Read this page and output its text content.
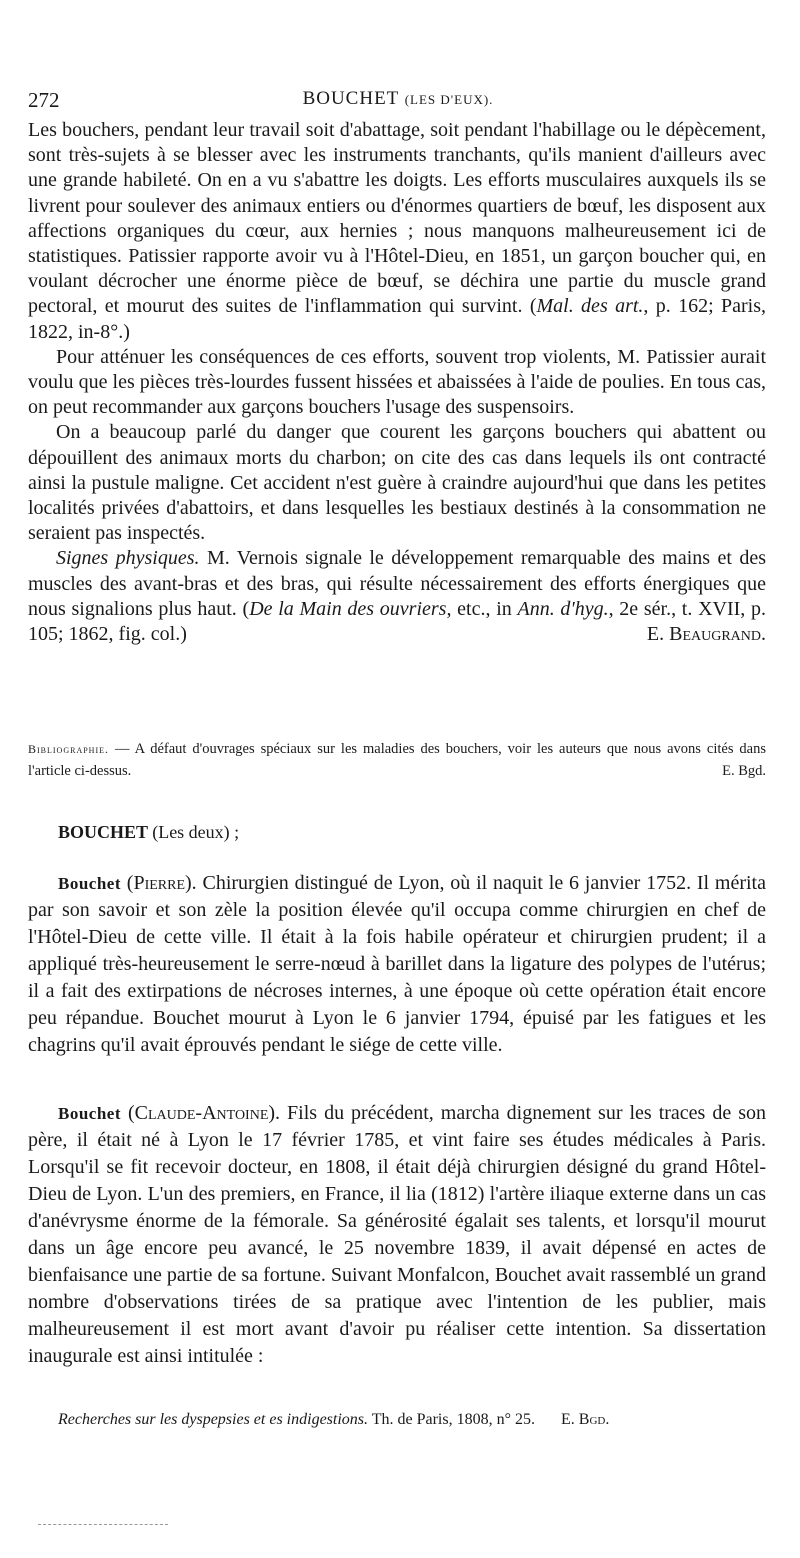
272	BOUCHET (LES D'EUX).

Les bouchers, pendant leur travail soit d'abattage, soit pendant l'habillage ou le dépècement, sont très-sujets à se blesser avec les instruments tranchants, qu'ils manient d'ailleurs avec une grande habileté. On en a vu s'abattre les doigts. Les efforts musculaires auxquels ils se livrent pour soulever des animaux entiers ou d'énormes quartiers de bœuf, les disposent aux affections organiques du cœur, aux hernies ; nous manquons malheureusement ici de statistiques. Patissier rapporte avoir vu à l'Hôtel-Dieu, en 1851, un garçon boucher qui, en voulant décrocher une énorme pièce de bœuf, se déchira une partie du muscle grand pectoral, et mourut des suites de l'inflammation qui survint. (Mal. des art., p. 162; Paris, 1822, in-8°.)

Pour atténuer les conséquences de ces efforts, souvent trop violents, M. Patissier aurait voulu que les pièces très-lourdes fussent hissées et abaissées à l'aide de poulies. En tous cas, on peut recommander aux garçons bouchers l'usage des suspensoirs.

On a beaucoup parlé du danger que courent les garçons bouchers qui abattent ou dépouillent des animaux morts du charbon; on cite des cas dans lequels ils ont contracté ainsi la pustule maligne. Cet accident n'est guère à craindre aujourd'hui que dans les petites localités privées d'abattoirs, et dans lesquelles les bestiaux destinés à la consommation ne seraient pas inspectés.

Signes physiques. M. Vernois signale le développement remarquable des mains et des muscles des avant-bras et des bras, qui résulte nécessairement des efforts énergiques que nous signalions plus haut. (De la Main des ouvriers, etc., in Ann. d'hyg., 2e sér., t. XVII, p. 105; 1862, fig. col.)	E. Beaugrand.

Bibliographie. — A défaut d'ouvrages spéciaux sur les maladies des bouchers, voir les auteurs que nous avons cités dans l'article ci-dessus.	E. Bgd.

BOUCHET (Les deux) ;

Bouchet (Pierre). Chirurgien distingué de Lyon, où il naquit le 6 janvier 1752. Il mérita par son savoir et son zèle la position élevée qu'il occupa comme chirurgien en chef de l'Hôtel-Dieu de cette ville. Il était à la fois habile opérateur et chirurgien prudent; il a appliqué très-heureusement le serre-nœud à barillet dans la ligature des polypes de l'utérus; il a fait des extirpations de nécroses internes, à une époque où cette opération était encore peu répandue. Bouchet mourut à Lyon le 6 janvier 1794, épuisé par les fatigues et les chagrins qu'il avait éprouvés pendant le siége de cette ville.

Bouchet (Claude-Antoine). Fils du précédent, marcha dignement sur les traces de son père, il était né à Lyon le 17 février 1785, et vint faire ses études médicales à Paris. Lorsqu'il se fit recevoir docteur, en 1808, il était déjà chirurgien désigné du grand Hôtel-Dieu de Lyon. L'un des premiers, en France, il lia (1812) l'artère iliaque externe dans un cas d'anévrysme énorme de la fémorale. Sa générosité égalait ses talents, et lorsqu'il mourut dans un âge encore peu avancé, le 25 novembre 1839, il avait dépensé en actes de bienfaisance une partie de sa fortune. Suivant Monfalcon, Bouchet avait rassemblé un grand nombre d'observations tirées de sa pratique avec l'intention de les publier, mais malheureusement il est mort avant d'avoir pu réaliser cette intention. Sa dissertation inaugurale est ainsi intitulée :

Recherches sur les dyspepsies et es indigestions. Th. de Paris, 1808, n° 25. E. Bgd.
